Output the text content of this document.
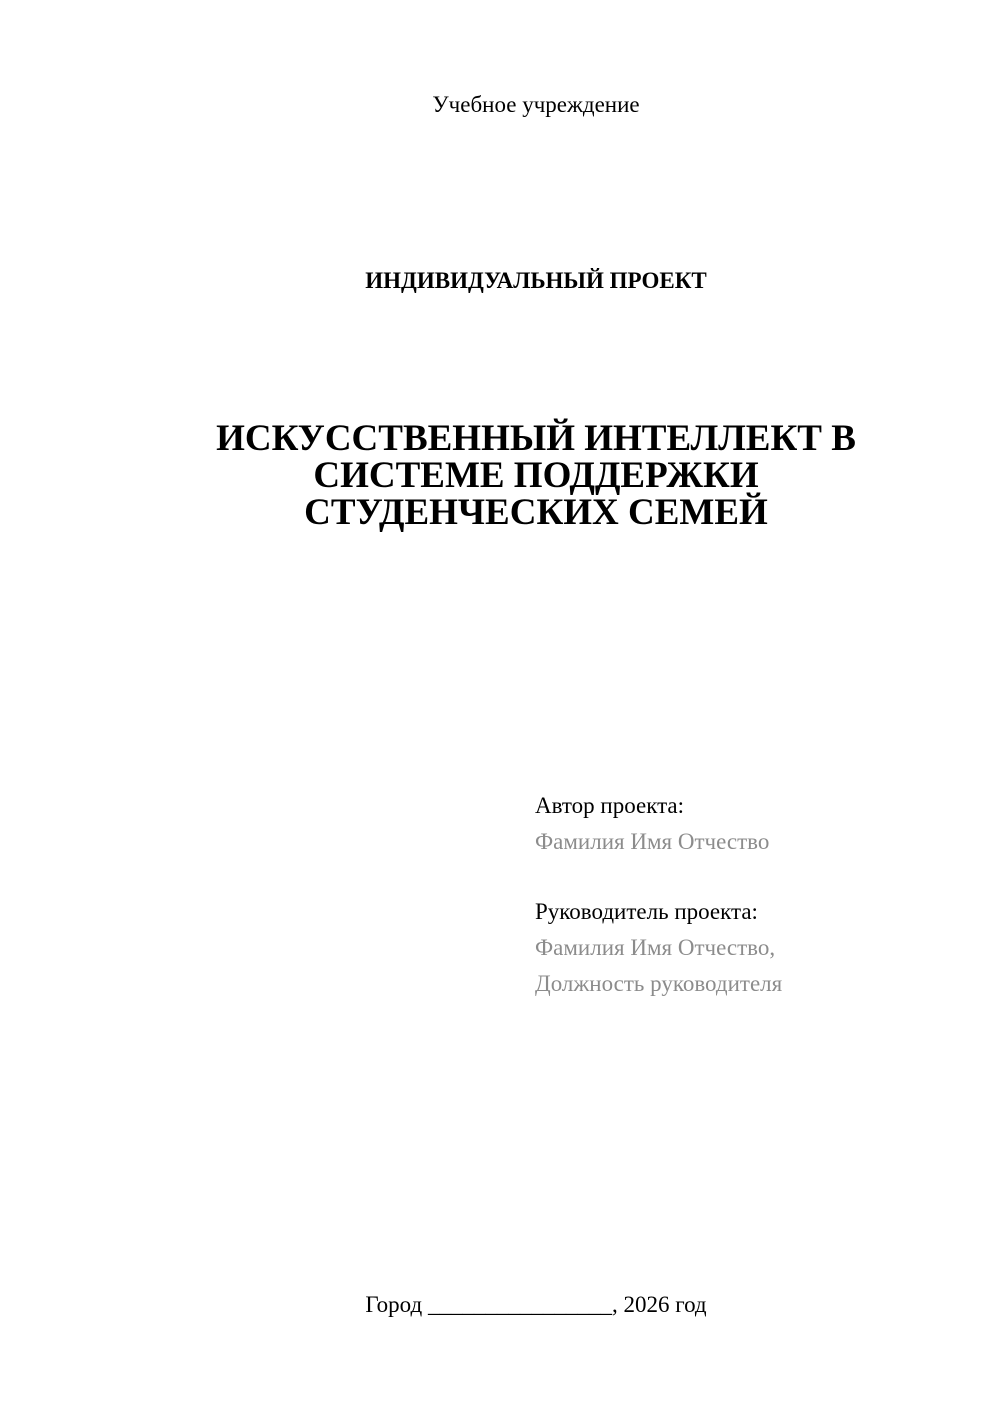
Учебное учреждение
ИНДИВИДУАЛЬНЫЙ ПРОЕКТ
ИСКУССТВЕННЫЙ ИНТЕЛЛЕКТ В
СИСТЕМЕ ПОДДЕРЖКИ
СТУДЕНЧЕСКИХ СЕМЕЙ
Автор проекта:
Фамилия Имя Отчество
Руководитель проекта:
Фамилия Имя Отчество,
Должность руководителя
Город ________________, 2026 год
